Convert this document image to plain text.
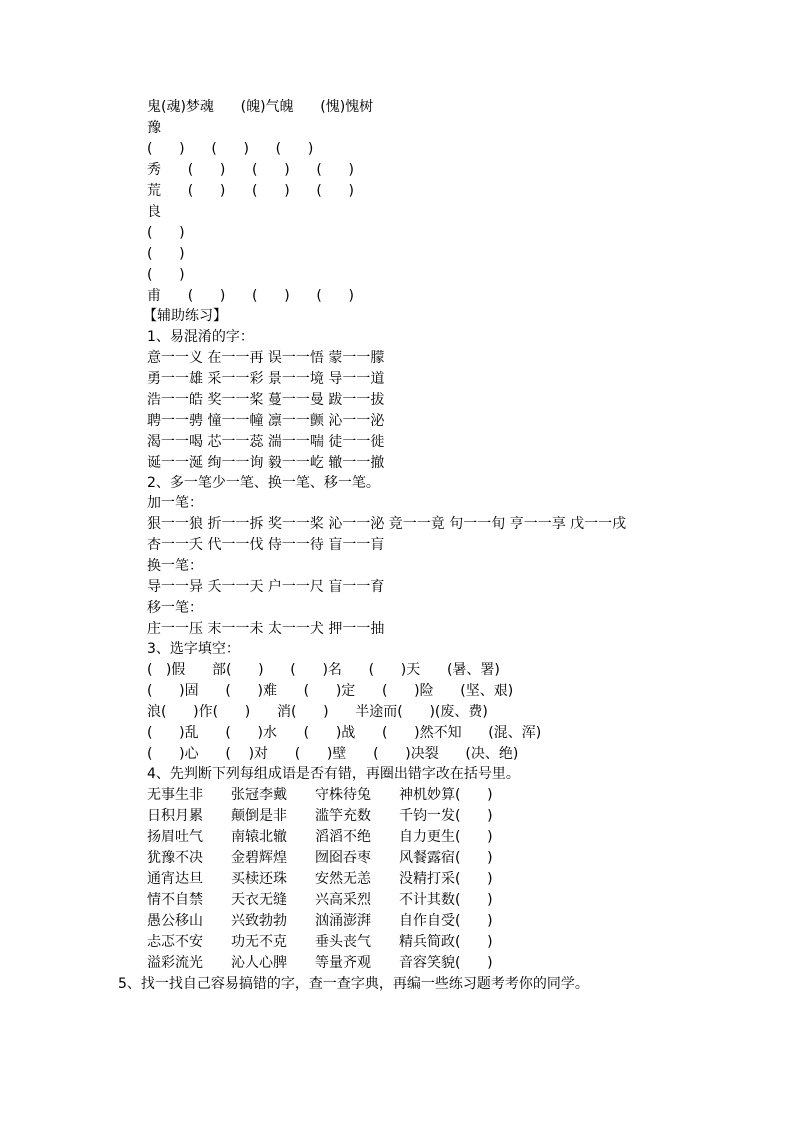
鬼(魂)梦魂      (魄)气魄      (愧)愧树
豫
(      )      (      )      (      )
秀      (      )      (      )      (      )
荒      (      )      (      )      (      )
良
(      )
(      )
(      )
甫      (      )      (      )      (      )
【辅助练习】
1、易混淆的字：
意一一义 在一一再 误一一悟 蒙一一朦
勇一一雄 采一一彩 景一一境 导一一道
浩一一皓 奖一一桨 蔓一一曼 跋一一拔
聘一一骋 憧一一幢 凛一一颤 沁一一泌
渴一一喝 芯一一蕊 湍一一喘 徒一一徙
诞一一涎 绚一一询 毅一一屹 辙一一撤
2、多一笔少一笔、换一笔、移一笔。
加一笔：
狠一一狼 折一一拆 奖一一桨 沁一一泌 竞一一竟 句一一旬 亨一一享 戊一一戌
杏一一夭 代一一伐 侍一一待 盲一一肓
换一笔：
导一一异 夭一一天 户一一尺 盲一一育
移一笔：
庄一一压 末一一未 太一一犬 押一一抽
3、选字填空：
(   )假      部(      )      (      )名      (      )天      (暑、署)
(      )固      (      )难      (      )定      (      )险      (坚、艰)
浪(      )作(      )      消(      )      半途而(      )(废、费)
(      )乱      (      )水      (      )战      (      )然不知      (混、浑)
(      )心      (    )对      (      )壁      (      )决裂      (决、绝)
4、先判断下列每组成语是否有错，再圈出错字改在括号里。

无事生非

张冠李戴

守株待兔

神机妙算(      )

日积月累

颠倒是非

滥竽充数

千钧一发(      )

扬眉吐气

南辕北辙

滔滔不绝

自力更生(      )

犹豫不决

金碧辉煌

囫囵吞枣

风餐露宿(      )

通宵达旦

买椟还珠

安然无恙

没精打采(      )

情不自禁

天衣无缝

兴高采烈

不计其数(      )

愚公移山

兴致勃勃

汹涌澎湃

自作自受(      )

忐忑不安

功无不克

垂头丧气

精兵简政(      )

溢彩流光

沁人心脾

等量齐观

音容笑貌(      )

5、找一找自己容易搞错的字，查一查字典，再编一些练习题考考你的同学。
